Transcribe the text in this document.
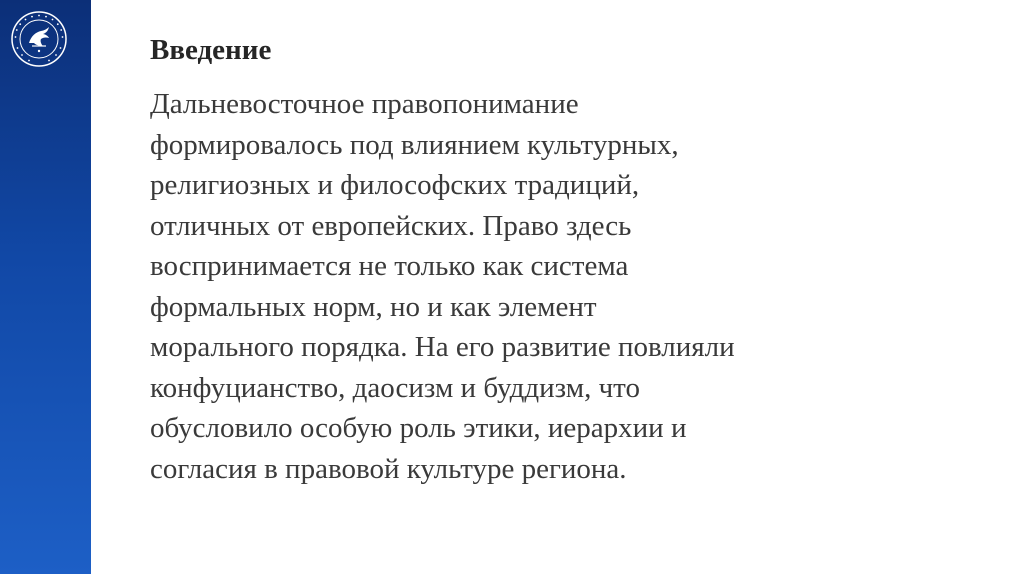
Введение

Дальневосточное правопонимание
формировалось под влиянием культурных,
религиозных и философских традиций,
отличных от европейских. Право здесь
воспринимается не только как система
формальных норм, но и как элемент
морального порядка. На его развитие повлияли
конфуцианство, даосизм и буддизм, что
обусловило особую роль этики, иерархии и
согласия в правовой культуре региона.
